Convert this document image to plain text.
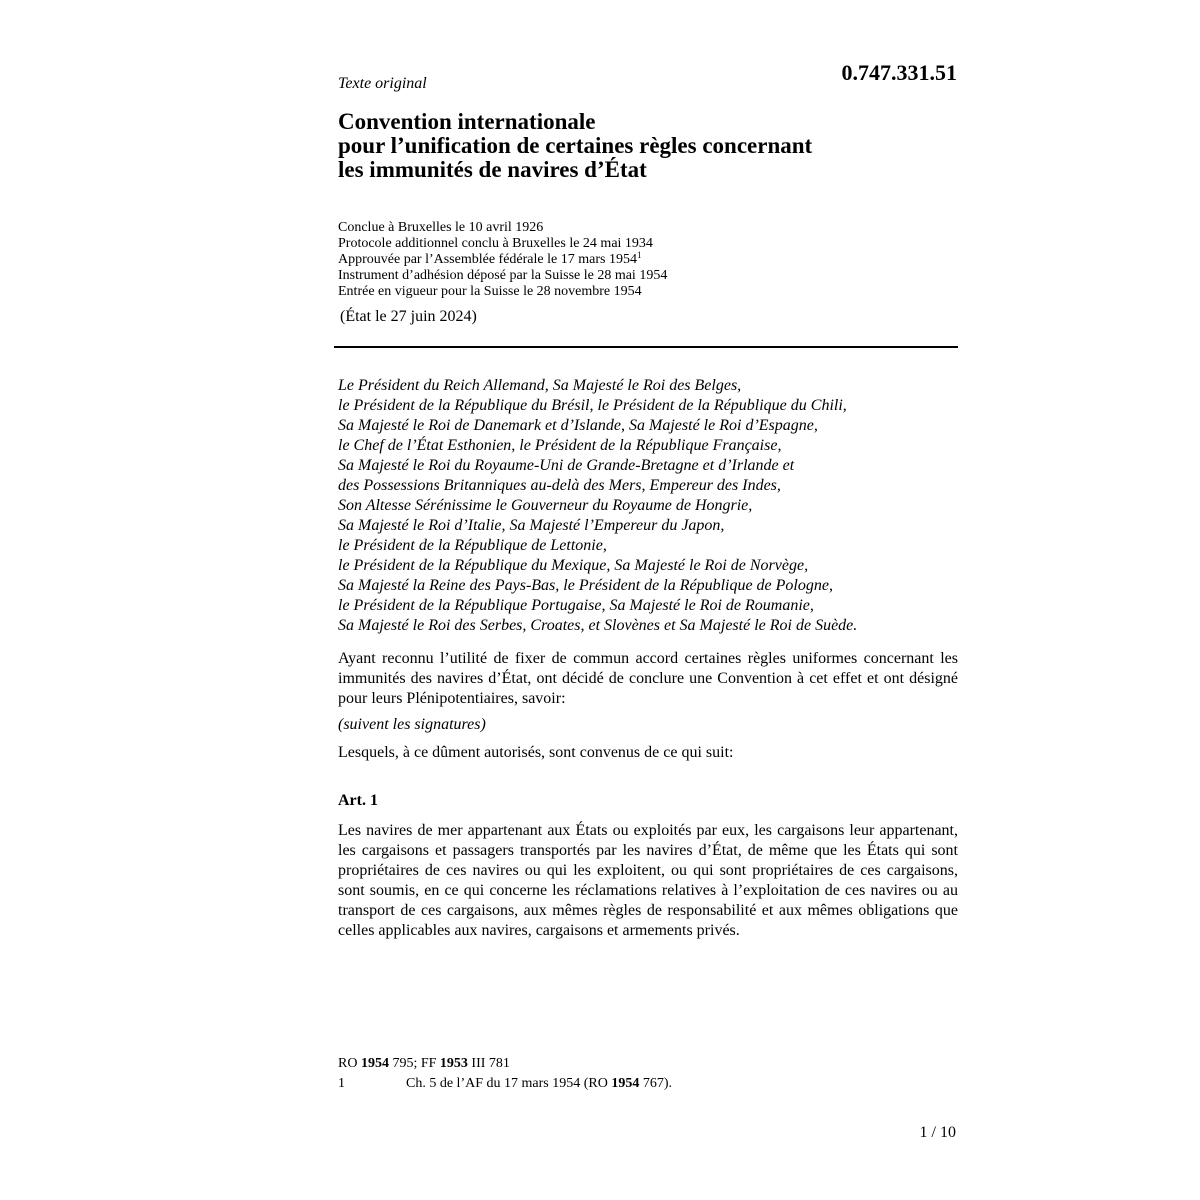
Texte original	0.747.331.51
Convention internationale
pour l’unification de certaines règles concernant
les immunités de navires d’État
Conclue à Bruxelles le 10 avril 1926
Protocole additionnel conclu à Bruxelles le 24 mai 1934
Approuvée par l’Assemblée fédérale le 17 mars 1954$^1$
Instrument d’adhésion déposé par la Suisse le 28 mai 1954
Entrée en vigueur pour la Suisse le 28 novembre 1954
(État le 27 juin 2024)
Le Président du Reich Allemand, Sa Majesté le Roi des Belges,
le Président de la République du Brésil, le Président de la République du Chili,
Sa Majesté le Roi de Danemark et d’Islande, Sa Majesté le Roi d’Espagne,
le Chef de l’État Esthonien, le Président de la République Française,
Sa Majesté le Roi du Royaume-Uni de Grande-Bretagne et d’Irlande et
des Possessions Britanniques au-delà des Mers, Empereur des Indes,
Son Altesse Sérénissime le Gouverneur du Royaume de Hongrie,
Sa Majesté le Roi d’Italie, Sa Majesté l’Empereur du Japon,
le Président de la République de Lettonie,
le Président de la République du Mexique, Sa Majesté le Roi de Norvège,
Sa Majesté la Reine des Pays-Bas, le Président de la République de Pologne,
le Président de la République Portugaise, Sa Majesté le Roi de Roumanie,
Sa Majesté le Roi des Serbes, Croates, et Slovènes et Sa Majesté le Roi de Suède.
Ayant reconnu l’utilité de fixer de commun accord certaines règles uniformes concernant les immunités des navires d’État, ont décidé de conclure une Convention à cet effet et ont désigné pour leurs Plénipotentiaires, savoir:
(suivent les signatures)
Lesquels, à ce dûment autorisés, sont convenus de ce qui suit:
Art. 1
Les navires de mer appartenant aux États ou exploités par eux, les cargaisons leur appartenant, les cargaisons et passagers transportés par les navires d’État, de même que les États qui sont propriétaires de ces navires ou qui les exploitent, ou qui sont propriétaires de ces cargaisons, sont soumis, en ce qui concerne les réclamations relatives à l’exploitation de ces navires ou au transport de ces cargaisons, aux mêmes règles de responsabilité et aux mêmes obligations que celles applicables aux navires, cargaisons et armements privés.
RO 1954 795; FF 1953 III 781
1	Ch. 5 de l’AF du 17 mars 1954 (RO 1954 767).
1 / 10
